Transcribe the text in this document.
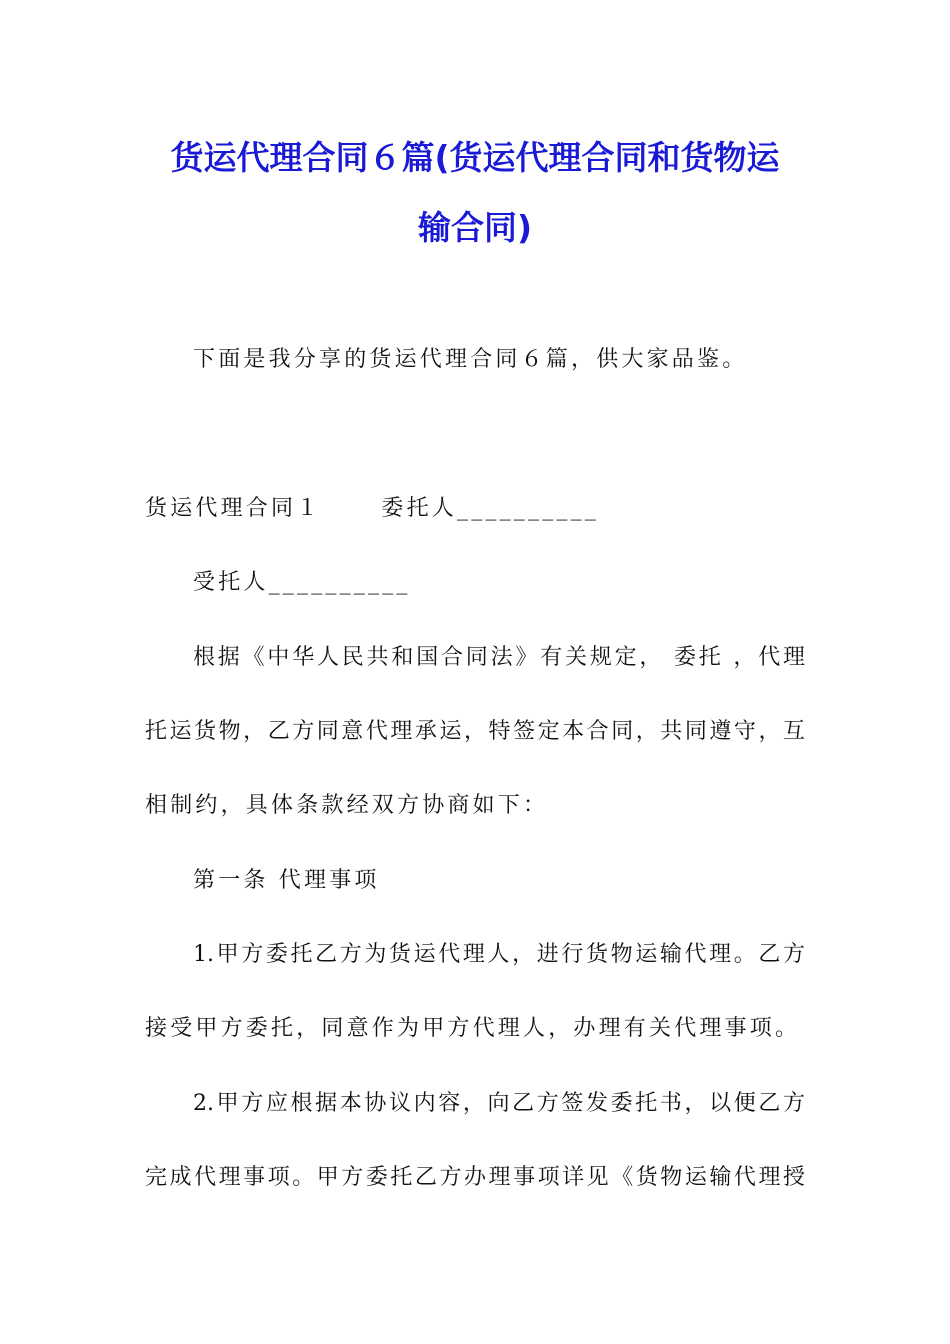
货运代理合同６篇(货运代理合同和货物运
输合同)
下面是我分享的货运代理合同６篇，供大家品鉴。
货运代理合同１	委托人__________
受托人__________
根据《中华人民共和国合同法》有关规定， 委托 ，代理
托运货物，乙方同意代理承运，特签定本合同，共同遵守，互
相制约，具体条款经双方协商如下：
第一条 代理事项
1.甲方委托乙方为货运代理人，进行货物运输代理。乙方
接受甲方委托，同意作为甲方代理人，办理有关代理事项。
2.甲方应根据本协议内容，向乙方签发委托书，以便乙方
完成代理事项。甲方委托乙方办理事项详见《货物运输代理授
